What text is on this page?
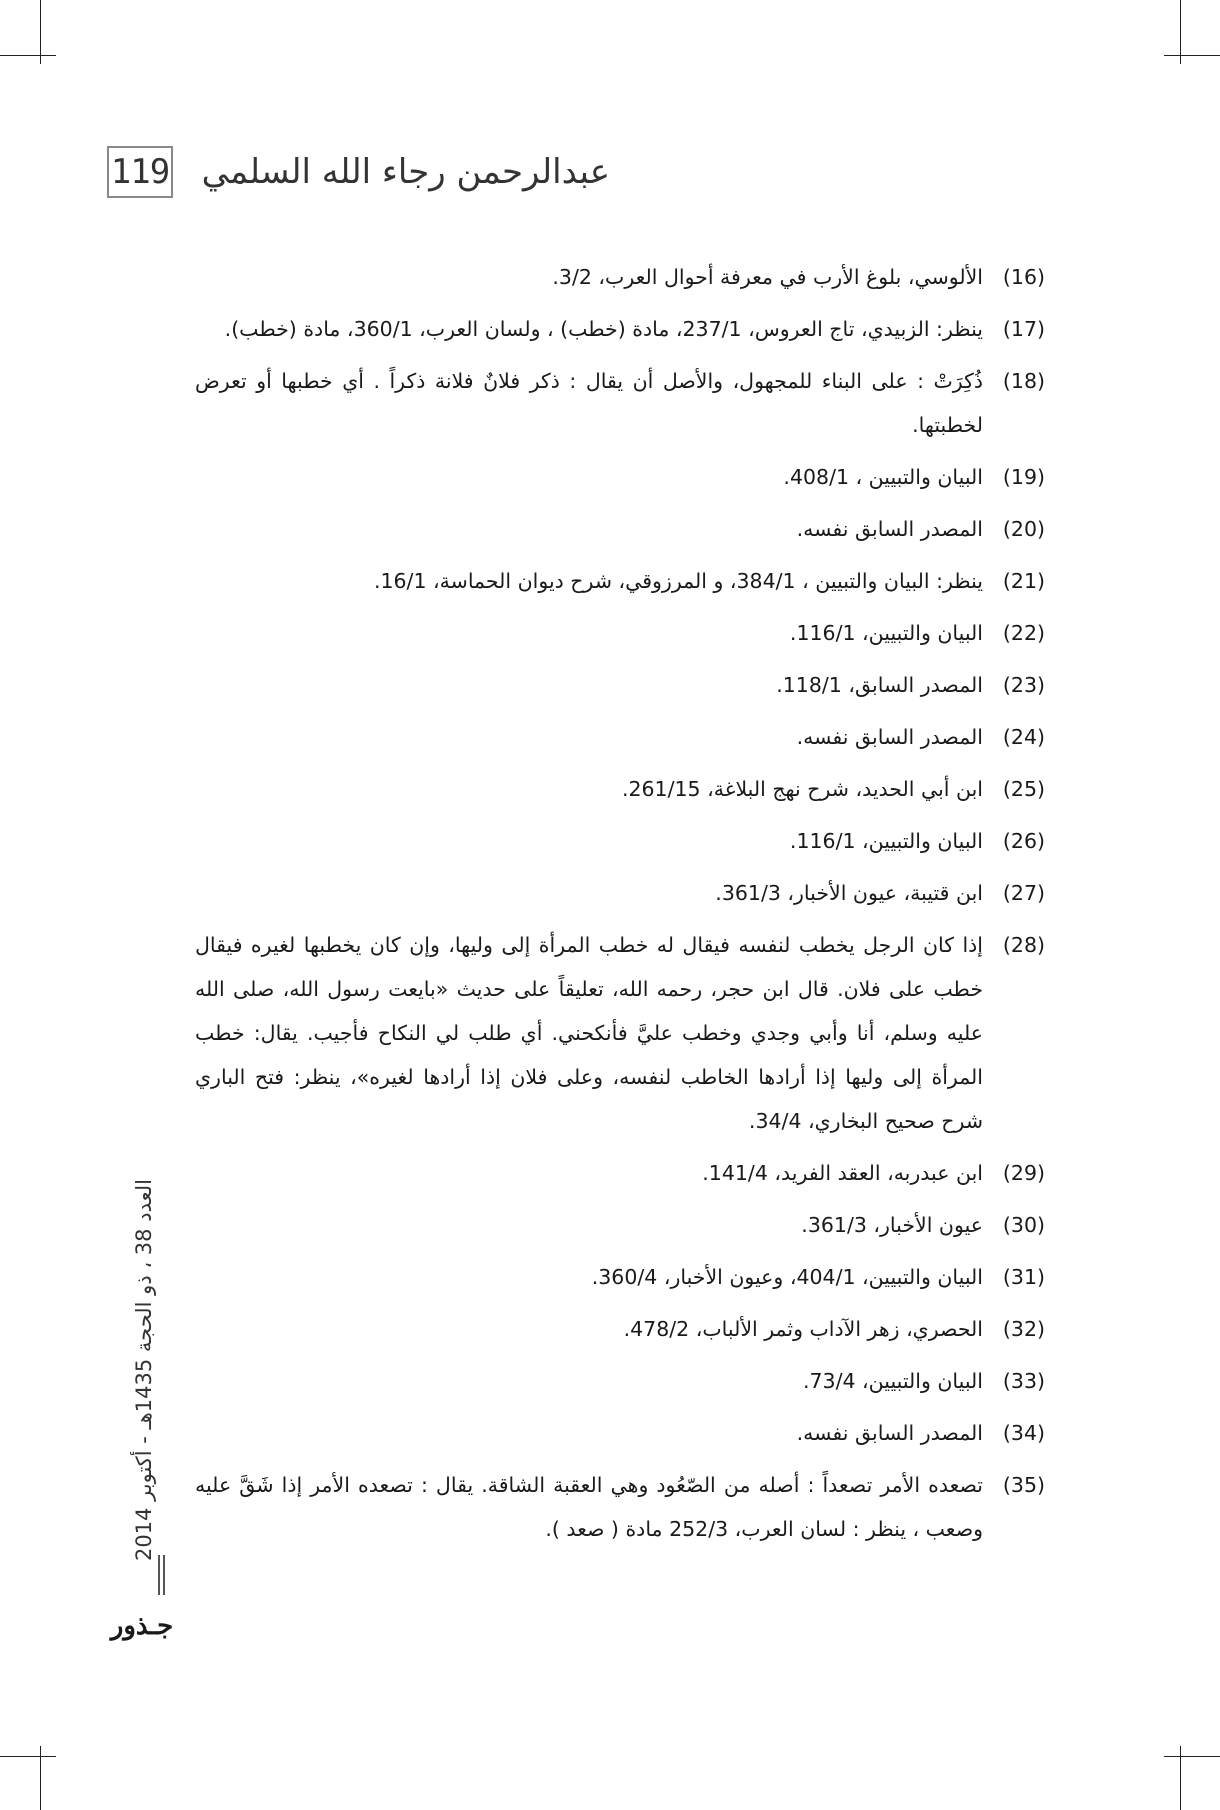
119 عبدالرحمن رجاء الله السلمي
(16)
الألوسي، بلوغ الأرب في معرفة أحوال العرب، 3/2.
(17)
ينظر: الزبيدي، تاج العروس، 237/1، مادة (خطب) ، ولسان العرب، 360/1، مادة (خطب).
(18)
ذُكِرَتْ : على البناء للمجهول، والأصل أن يقال : ذكر فلانٌ فلانة ذكراً . أي خطبها أو تعرض لخطبتها.
(19)
البيان والتبيين ، 408/1.
(20)
المصدر السابق نفسه.
(21)
ينظر: البيان والتبيين ، 384/1، و المرزوقي، شرح ديوان الحماسة، 16/1.
(22)
البيان والتبيين، 116/1.
(23)
المصدر السابق، 118/1.
(24)
المصدر السابق نفسه.
(25)
ابن أبي الحديد، شرح نهج البلاغة، 261/15.
(26)
البيان والتبيين، 116/1.
(27)
ابن قتيبة، عيون الأخبار، 361/3.
(28)
إذا كان الرجل يخطب لنفسه فيقال له خطب المرأة إلى وليها، وإن كان يخطبها لغيره فيقال خطب على فلان. قال ابن حجر، رحمه الله، تعليقاً على حديث «بايعت رسول الله، صلى الله عليه وسلم، أنا وأبي وجدي وخطب عليَّ فأنكحني. أي طلب لي النكاح فأجيب. يقال: خطب المرأة إلى وليها إذا أرادها الخاطب لنفسه، وعلى فلان إذا أرادها لغيره»، ينظر: فتح الباري شرح صحيح البخاري، 34/4.
(29)
ابن عبدربه، العقد الفريد، 141/4.
(30)
عيون الأخبار، 361/3.
(31)
البيان والتبيين، 404/1، وعيون الأخبار، 360/4.
(32)
الحصري، زهر الآداب وثمر الألباب، 478/2.
(33)
البيان والتبيين، 73/4.
(34)
المصدر السابق نفسه.
(35)
تصعده الأمر تصعداً : أصله من الصّعُود وهي العقبة الشاقة. يقال : تصعده الأمر إذا شَقَّ عليه وصعب ، ينظر : لسان العرب، 252/3 مادة ( صعد ).
العدد 38 ، ذو الحجة 1435هـ - أكتوبر 2014
جـذور
